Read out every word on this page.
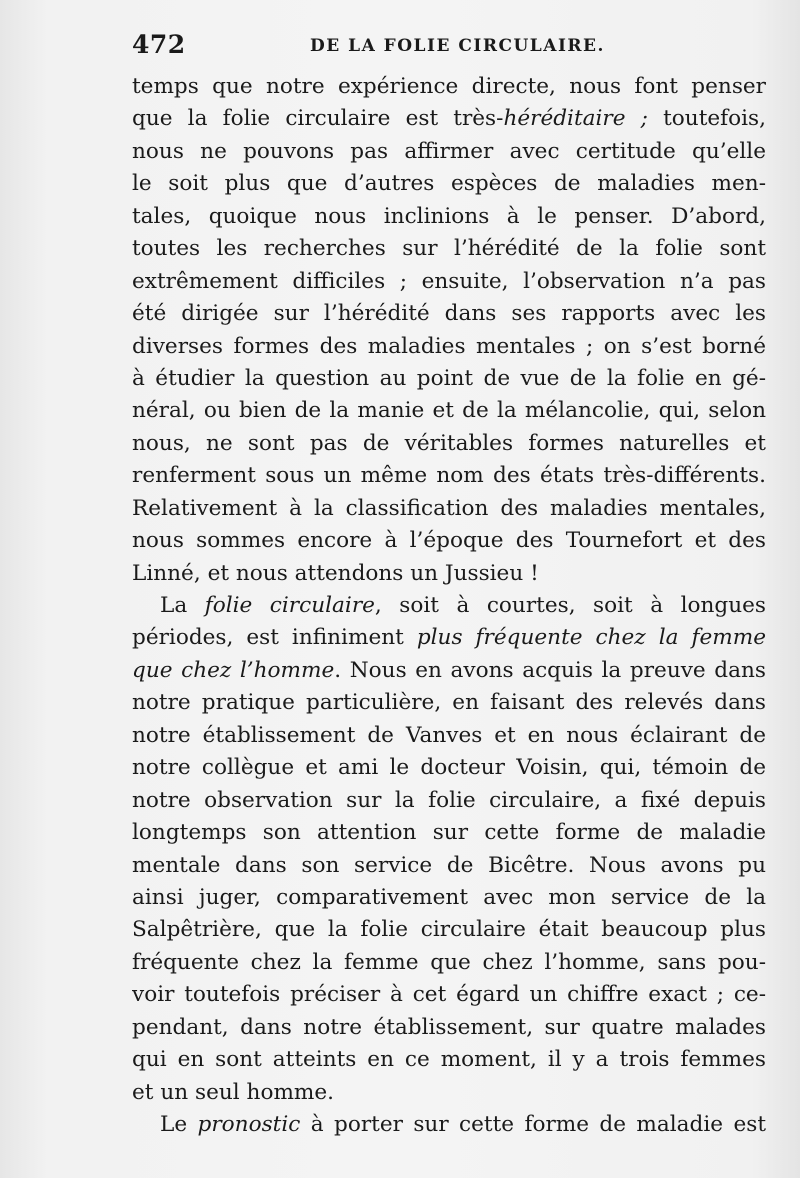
472	DE LA FOLIE CIRCULAIRE.
temps que notre expérience directe, nous font penser
que la folie circulaire est très-héréditaire ; toutefois,
nous ne pouvons pas affirmer avec certitude qu’elle
le soit plus que d’autres espèces de maladies men-
tales, quoique nous inclinions à le penser. D’abord,
toutes les recherches sur l’hérédité de la folie sont
extrêmement difficiles ; ensuite, l’observation n’a pas
été dirigée sur l’hérédité dans ses rapports avec les
diverses formes des maladies mentales ; on s’est borné
à étudier la question au point de vue de la folie en gé-
néral, ou bien de la manie et de la mélancolie, qui, selon
nous, ne sont pas de véritables formes naturelles et
renferment sous un même nom des états très-différents.
Relativement à la classification des maladies mentales,
nous sommes encore à l’époque des Tournefort et des
Linné, et nous attendons un Jussieu !
La folie circulaire, soit à courtes, soit à longues
périodes, est infiniment plus fréquente chez la femme
que chez l’homme. Nous en avons acquis la preuve dans
notre pratique particulière, en faisant des relevés dans
notre établissement de Vanves et en nous éclairant de
notre collègue et ami le docteur Voisin, qui, témoin de
notre observation sur la folie circulaire, a fixé depuis
longtemps son attention sur cette forme de maladie
mentale dans son service de Bicêtre. Nous avons pu
ainsi juger, comparativement avec mon service de la
Salpêtrière, que la folie circulaire était beaucoup plus
fréquente chez la femme que chez l’homme, sans pou-
voir toutefois préciser à cet égard un chiffre exact ; ce-
pendant, dans notre établissement, sur quatre malades
qui en sont atteints en ce moment, il y a trois femmes
et un seul homme.
Le pronostic à porter sur cette forme de maladie est
